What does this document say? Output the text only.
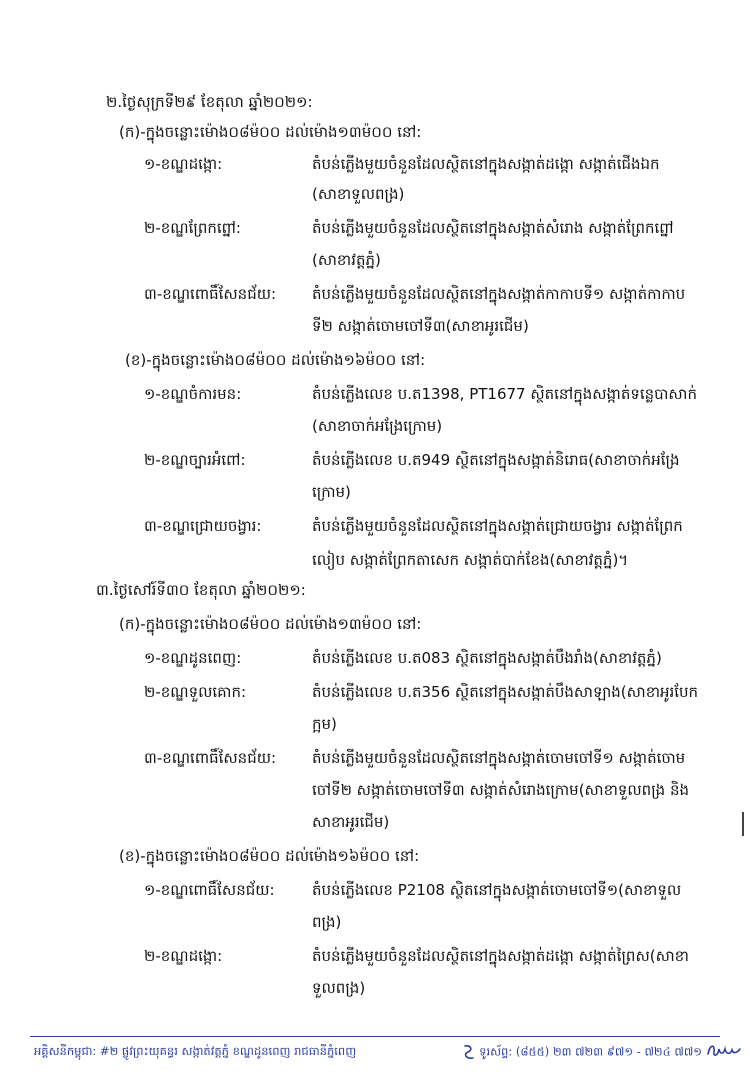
២.ថ្ងៃសុក្រទី២៩ ខែតុលា ឆ្នាំ២០២១:
(ក)-ក្នុងចន្លោះម៉ោង០៨ម៉០០ ដល់ម៉ោង១៣ម៉០០ នៅ:
១-ខណ្ឌដង្កោ:	តំបន់ភ្លើងមួយចំនួនដែលស្ថិតនៅក្នុងសង្កាត់ដង្កោ សង្កាត់ជើងឯក
(សាខាទួលពង្រ)
២-ខណ្ឌព្រែកព្នៅ:	តំបន់ភ្លើងមួយចំនួនដែលស្ថិតនៅក្នុងសង្កាត់សំរោង សង្កាត់ព្រែកព្នៅ
(សាខាវត្តភ្នំ)
៣-ខណ្ឌពោធិ៍សែនជ័យ: តំបន់ភ្លើងមួយចំនួនដែលស្ថិតនៅក្នុងសង្កាត់កាកាបទី១ សង្កាត់កាកាប
ទី២ សង្កាត់ចោមចៅទី៣(សាខាអូរជើម)
(ខ)-ក្នុងចន្លោះម៉ោង០៨ម៉០០ ដល់ម៉ោង១៦ម៉០០ នៅ:
១-ខណ្ឌចំការមន:	តំបន់ភ្លើងលេខ ប.ត1398, PT1677 ស្ថិតនៅក្នុងសង្កាត់ទន្លេបាសាក់
(សាខាចាក់អង្រែក្រោម)
២-ខណ្ឌច្បារអំពៅ:	តំបន់ភ្លើងលេខ ប.ត949 ស្ថិតនៅក្នុងសង្កាត់និរោធ(សាខាចាក់អង្រែ
ក្រោម)
៣-ខណ្ឌជ្រោយចង្វារ:	តំបន់ភ្លើងមួយចំនួនដែលស្ថិតនៅក្នុងសង្កាត់ជ្រោយចង្វារ សង្កាត់ព្រែក
លៀប សង្កាត់ព្រែកតាសេក សង្កាត់បាក់ខែង(សាខាវត្តភ្នំ)។
៣.ថ្ងៃសៅរ៍ទី៣០ ខែតុលា ឆ្នាំ២០២១:
(ក)-ក្នុងចន្លោះម៉ោង០៨ម៉០០ ដល់ម៉ោង១៣ម៉០០ នៅ:
១-ខណ្ឌដូនពេញ:	តំបន់ភ្លើងលេខ ប.ត083 ស្ថិតនៅក្នុងសង្កាត់បឹងរាំង(សាខាវត្តភ្នំ)
២-ខណ្ឌទួលគោក:	តំបន់ភ្លើងលេខ ប.ត356 ស្ថិតនៅក្នុងសង្កាត់បឹងសាឡាង(សាខាអូរបែក
ក្អម)
៣-ខណ្ឌពោធិ៍សែនជ័យ: តំបន់ភ្លើងមួយចំនួនដែលស្ថិតនៅក្នុងសង្កាត់ចោមចៅទី១ សង្កាត់ចោម
ចៅទី២ សង្កាត់ចោមចៅទី៣ សង្កាត់សំរោងក្រោម(សាខាទួលពង្រ និង
សាខាអូរជើម)
(ខ)-ក្នុងចន្លោះម៉ោង០៨ម៉០០ ដល់ម៉ោង១៦ម៉០០ នៅ:
១-ខណ្ឌពោធិ៍សែនជ័យ: តំបន់ភ្លើងលេខ P2108 ស្ថិតនៅក្នុងសង្កាត់ចោមចៅទី១(សាខាទួល
ពង្រ)
២-ខណ្ឌដង្កោ:	តំបន់ភ្លើងមួយចំនួនដែលស្ថិតនៅក្នុងសង្កាត់ដង្កោ សង្កាត់ព្រៃស(សាខា
ទួលពង្រ)
អគ្គិសនីកម្ពុជា: #២ ផ្លូវព្រះយុគន្ធរ សង្កាត់វត្តភ្នំ ខណ្ឌដូនពេញ រាជធានីភ្នំពេញ	ទូរស័ព្ទ: (៨៥៥) ២៣ ៧២៣ ៩៧១ - ៧២៤ ៧៧១
